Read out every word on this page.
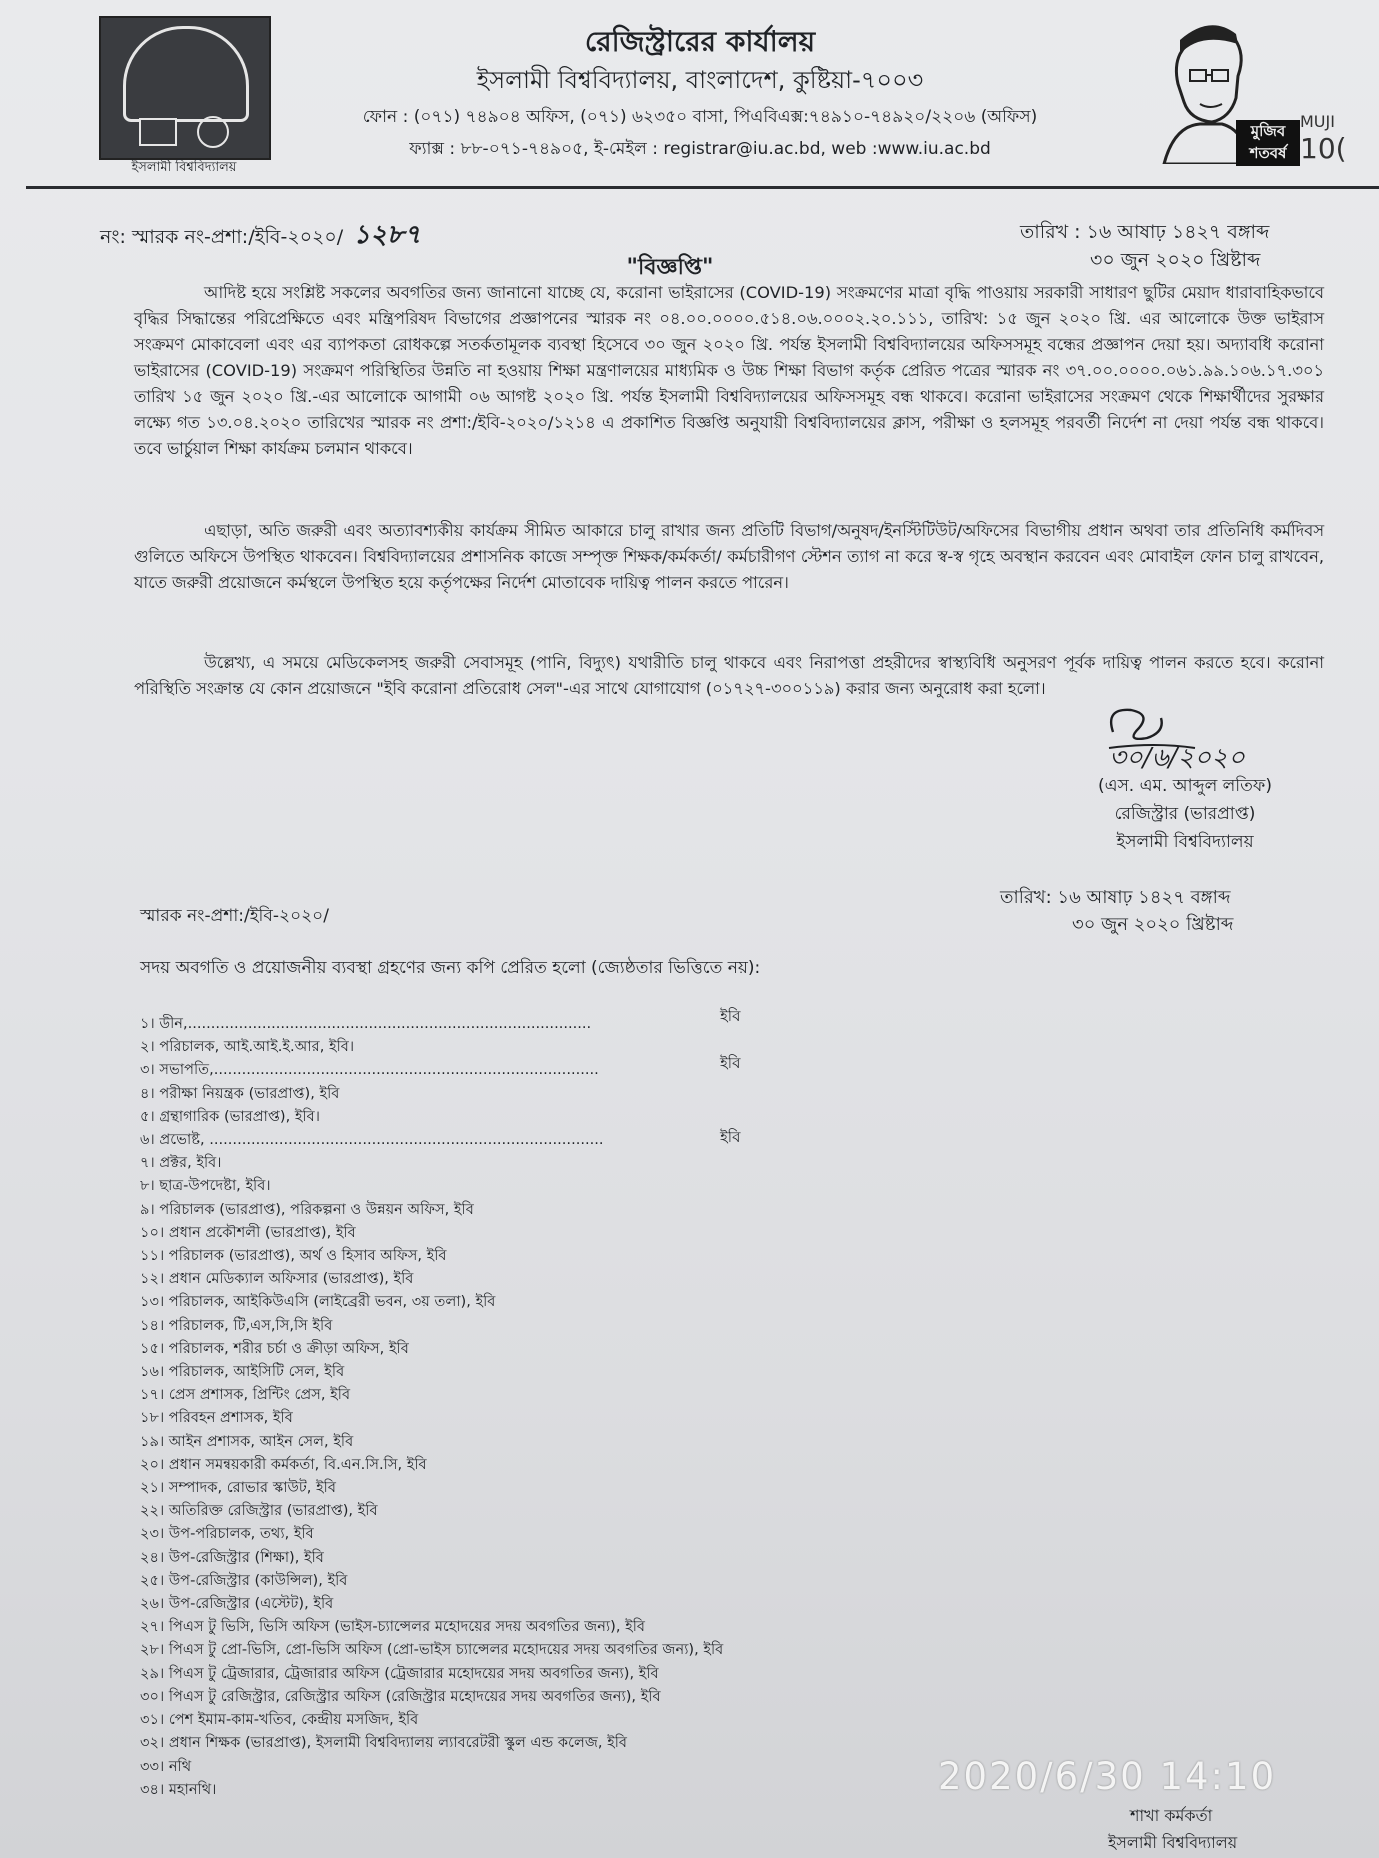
ইসলামী বিশ্ববিদ্যালয়
রেজিস্ট্রারের কার্যালয়
ইসলামী বিশ্ববিদ্যালয়, বাংলাদেশ, কুষ্টিয়া-৭০০৩
ফোন : (০৭১) ৭৪৯০৪ অফিস, (০৭১) ৬২৩৫০ বাসা, পিএবিএক্স:৭৪৯১০-৭৪৯২০/২২০৬ (অফিস)
ফ্যাক্স : ৮৮-০৭১-৭৪৯০৫, ই-মেইল : registrar@iu.ac.bd, web :www.iu.ac.bd
মুজিব শতবর্ষ
MUJI
10(
নং: স্মারক নং-প্রশা:/ইবি-২০২০/ ১২৮৭	তারিখ : ১৬ আষাঢ় ১৪২৭ বঙ্গাব্দ
৩০ জুন ২০২০ খ্রিষ্টাব্দ
"বিজ্ঞপ্তি"
আদিষ্ট হয়ে সংশ্লিষ্ট সকলের অবগতির জন্য জানানো যাচ্ছে যে, করোনা ভাইরাসের (COVID-19) সংক্রমণের মাত্রা বৃদ্ধি পাওয়ায় সরকারী সাধারণ ছুটির মেয়াদ ধারাবাহিকভাবে বৃদ্ধির সিদ্ধান্তের পরিপ্রেক্ষিতে এবং মন্ত্রিপরিষদ বিভাগের প্রজ্ঞাপনের স্মারক নং ০৪.০০.০০০০.৫১৪.০৬.০০০২.২০.১১১, তারিখ: ১৫ জুন ২০২০ খ্রি. এর আলোকে উক্ত ভাইরাস সংক্রমণ মোকাবেলা এবং এর ব্যাপকতা রোধকল্পে সতর্কতামূলক ব্যবস্থা হিসেবে ৩০ জুন ২০২০ খ্রি. পর্যন্ত ইসলামী বিশ্ববিদ্যালয়ের অফিসসমূহ বন্ধের প্রজ্ঞাপন দেয়া হয়। অদ্যাবধি করোনা ভাইরাসের (COVID-19) সংক্রমণ পরিস্থিতির উন্নতি না হওয়ায় শিক্ষা মন্ত্রণালয়ের মাধ্যমিক ও উচ্চ শিক্ষা বিভাগ কর্তৃক প্রেরিত পত্রের স্মারক নং ৩৭.০০.০০০০.০৬১.৯৯.১০৬.১৭.৩০১ তারিখ ১৫ জুন ২০২০ খ্রি.-এর আলোকে আগামী ০৬ আগষ্ট ২০২০ খ্রি. পর্যন্ত ইসলামী বিশ্ববিদ্যালয়ের অফিসসমূহ বন্ধ থাকবে। করোনা ভাইরাসের সংক্রমণ থেকে শিক্ষার্থীদের সুরক্ষার লক্ষ্যে গত ১৩.০৪.২০২০ তারিখের স্মারক নং প্রশা:/ইবি-২০২০/১২১৪ এ প্রকাশিত বিজ্ঞপ্তি অনুযায়ী বিশ্ববিদ্যালয়ের ক্লাস, পরীক্ষা ও হলসমূহ পরবর্তী নির্দেশ না দেয়া পর্যন্ত বন্ধ থাকবে। তবে ভার্চুয়াল শিক্ষা কার্যক্রম চলমান থাকবে।
এছাড়া, অতি জরুরী এবং অত্যাবশ্যকীয় কার্যক্রম সীমিত আকারে চালু রাখার জন্য প্রতিটি বিভাগ/অনুষদ/ইনস্টিটিউট/অফিসের বিভাগীয় প্রধান অথবা তার প্রতিনিধি কর্মদিবস গুলিতে অফিসে উপস্থিত থাকবেন। বিশ্ববিদ্যালয়ের প্রশাসনিক কাজে সম্পৃক্ত শিক্ষক/কর্মকর্তা/ কর্মচারীগণ স্টেশন ত্যাগ না করে স্ব-স্ব গৃহে অবস্থান করবেন এবং মোবাইল ফোন চালু রাখবেন, যাতে জরুরী প্রয়োজনে কর্মস্থলে উপস্থিত হয়ে কর্তৃপক্ষের নির্দেশ মোতাবেক দায়িত্ব পালন করতে পারেন।
উল্লেখ্য, এ সময়ে মেডিকেলসহ জরুরী সেবাসমূহ (পানি, বিদ্যুৎ) যথারীতি চালু থাকবে এবং নিরাপত্তা প্রহরীদের স্বাস্থ্যবিধি অনুসরণ পূর্বক দায়িত্ব পালন করতে হবে। করোনা পরিস্থিতি সংক্রান্ত যে কোন প্রয়োজনে "ইবি করোনা প্রতিরোধ সেল"-এর সাথে যোগাযোগ (০১৭২৭-৩০০১১৯) করার জন্য অনুরোধ করা হলো।
৩০/৬/২০২০
(এস. এম. আব্দুল লতিফ)
রেজিস্ট্রার (ভারপ্রাপ্ত)
ইসলামী বিশ্ববিদ্যালয়
স্মারক নং-প্রশা:/ইবি-২০২০/
তারিখ: ১৬ আষাঢ় ১৪২৭ বঙ্গাব্দ
৩০ জুন ২০২০ খ্রিষ্টাব্দ
সদয় অবগতি ও প্রয়োজনীয় ব্যবস্থা গ্রহণের জন্য কপি প্রেরিত হলো (জ্যেষ্ঠতার ভিত্তিতে নয়):
ইবি
ইবি
ইবি
১। ডীন,.......................................................................................
২। পরিচালক, আই.আই.ই.আর, ইবি।
৩। সভাপতি,...................................................................................
৪। পরীক্ষা নিয়ন্ত্রক (ভারপ্রাপ্ত), ইবি
৫। গ্রন্থাগারিক (ভারপ্রাপ্ত), ইবি।
৬। প্রভোষ্ট, .....................................................................................
৭। প্রক্টর, ইবি।
৮। ছাত্র-উপদেষ্টা, ইবি।
৯। পরিচালক (ভারপ্রাপ্ত), পরিকল্পনা ও উন্নয়ন অফিস, ইবি
১০। প্রধান প্রকৌশলী (ভারপ্রাপ্ত), ইবি
১১। পরিচালক (ভারপ্রাপ্ত), অর্থ ও হিসাব অফিস, ইবি
১২। প্রধান মেডিক্যাল অফিসার (ভারপ্রাপ্ত), ইবি
১৩। পরিচালক, আইকিউএসি (লাইব্রেরী ভবন, ৩য় তলা), ইবি
১৪। পরিচালক, টি,এস,সি,সি ইবি
১৫। পরিচালক, শরীর চর্চা ও ক্রীড়া অফিস, ইবি
১৬। পরিচালক, আইসিটি সেল, ইবি
১৭। প্রেস প্রশাসক, প্রিন্টিং প্রেস, ইবি
১৮। পরিবহন প্রশাসক, ইবি
১৯। আইন প্রশাসক, আইন সেল, ইবি
২০। প্রধান সমন্বয়কারী কর্মকর্তা, বি.এন.সি.সি, ইবি
২১। সম্পাদক, রোভার স্কাউট, ইবি
২২। অতিরিক্ত রেজিস্ট্রার (ভারপ্রাপ্ত), ইবি
২৩। উপ-পরিচালক, তথ্য, ইবি
২৪। উপ-রেজিস্ট্রার (শিক্ষা), ইবি
২৫। উপ-রেজিস্ট্রার (কাউন্সিল), ইবি
২৬। উপ-রেজিস্ট্রার (এস্টেট), ইবি
২৭। পিএস টু ভিসি, ভিসি অফিস (ভাইস-চ্যান্সেলর মহোদয়ের সদয় অবগতির জন্য), ইবি
২৮। পিএস টু প্রো-ভিসি, প্রো-ভিসি অফিস (প্রো-ভাইস চ্যান্সেলর মহোদয়ের সদয় অবগতির জন্য), ইবি
২৯। পিএস টু ট্রেজারার, ট্রেজারার অফিস (ট্রেজারার মহোদয়ের সদয় অবগতির জন্য), ইবি
৩০। পিএস টু রেজিস্ট্রার, রেজিস্ট্রার অফিস (রেজিস্ট্রার মহোদয়ের সদয় অবগতির জন্য), ইবি
৩১। পেশ ইমাম-কাম-খতিব, কেন্দ্রীয় মসজিদ, ইবি
৩২। প্রধান শিক্ষক (ভারপ্রাপ্ত), ইসলামী বিশ্ববিদ্যালয় ল্যাবরেটরী স্কুল এন্ড কলেজ, ইবি
৩৩। নথি
৩৪। মহানথি।	2020/6/30 14:10
শাখা কর্মকর্তা
ইসলামী বিশ্ববিদ্যালয়
